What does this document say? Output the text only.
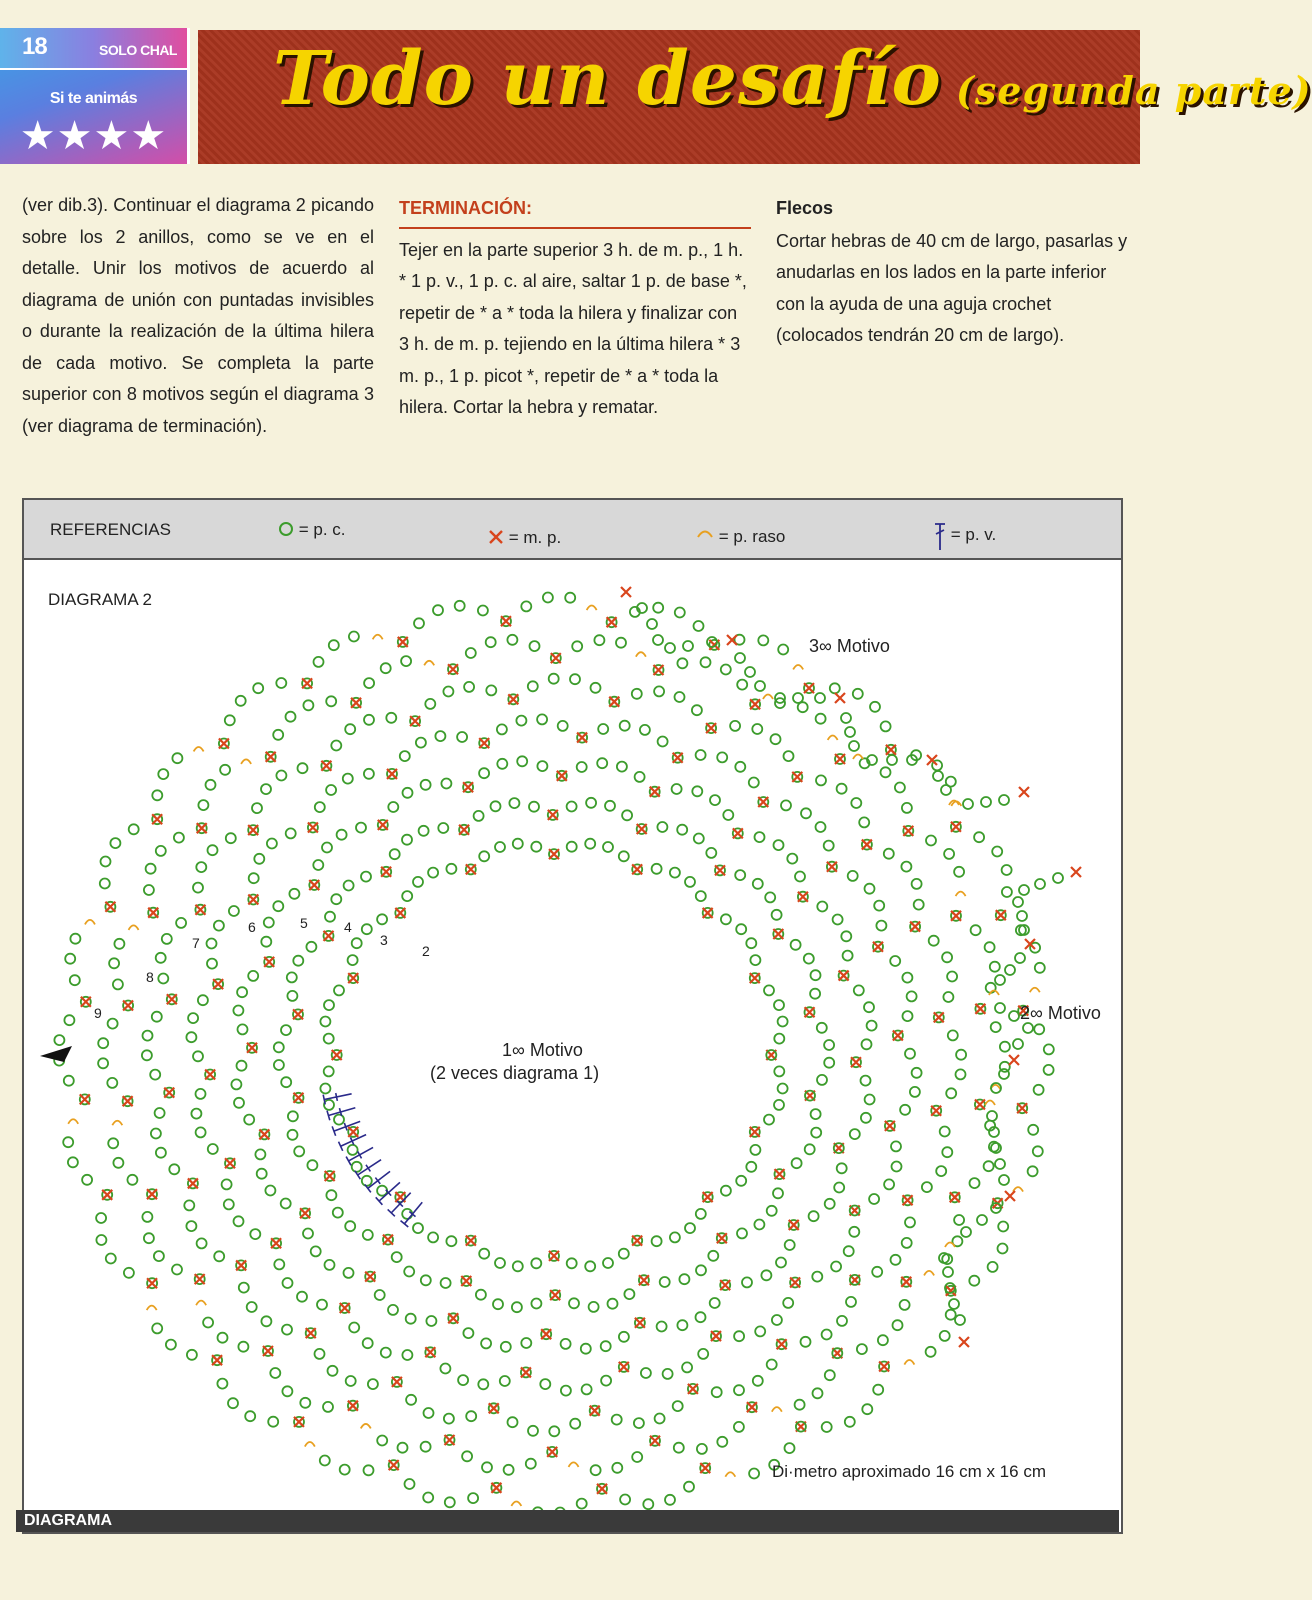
18	SOLO CHAL
Si te animás
★★★★
Todo un desafío (segunda parte)

(ver dib.3). Continuar el diagrama 2 picando sobre los 2 anillos, como se ve en el detalle. Unir los motivos de acuerdo al diagrama de unión con puntadas invisibles o durante la realización de la última hilera de cada motivo. Se completa la parte superior con 8 motivos según el diagrama 3 (ver diagrama de terminación).

TERMINACIÓN:

Tejer en la parte superior 3 h. de m. p., 1 h. * 1 p. v., 1 p. c. al aire, saltar 1 p. de base *, repetir de * a * toda la hilera y finalizar con 3 h. de m. p. tejiendo en la última hilera * 3 m. p., 1 p. picot *, repetir de * a * toda la hilera. Cortar la hebra y rematar.

Flecos

Cortar hebras de 40 cm de largo, pasarlas y anudarlas en los lados en la parte inferior con la ayuda de una aguja crochet (colocados tendrán 20 cm de largo).

REFERENCIAS	= p. c.	= m. p.	= p. raso	= p. v.
DIAGRAMA 2
2
3
4
5
6
7
8
9
1∞ Motivo
(2 veces diagrama 1)
2∞ Motivo
3∞ Motivo
Di·metro aproximado 16 cm x 16 cm
DIAGRAMA
